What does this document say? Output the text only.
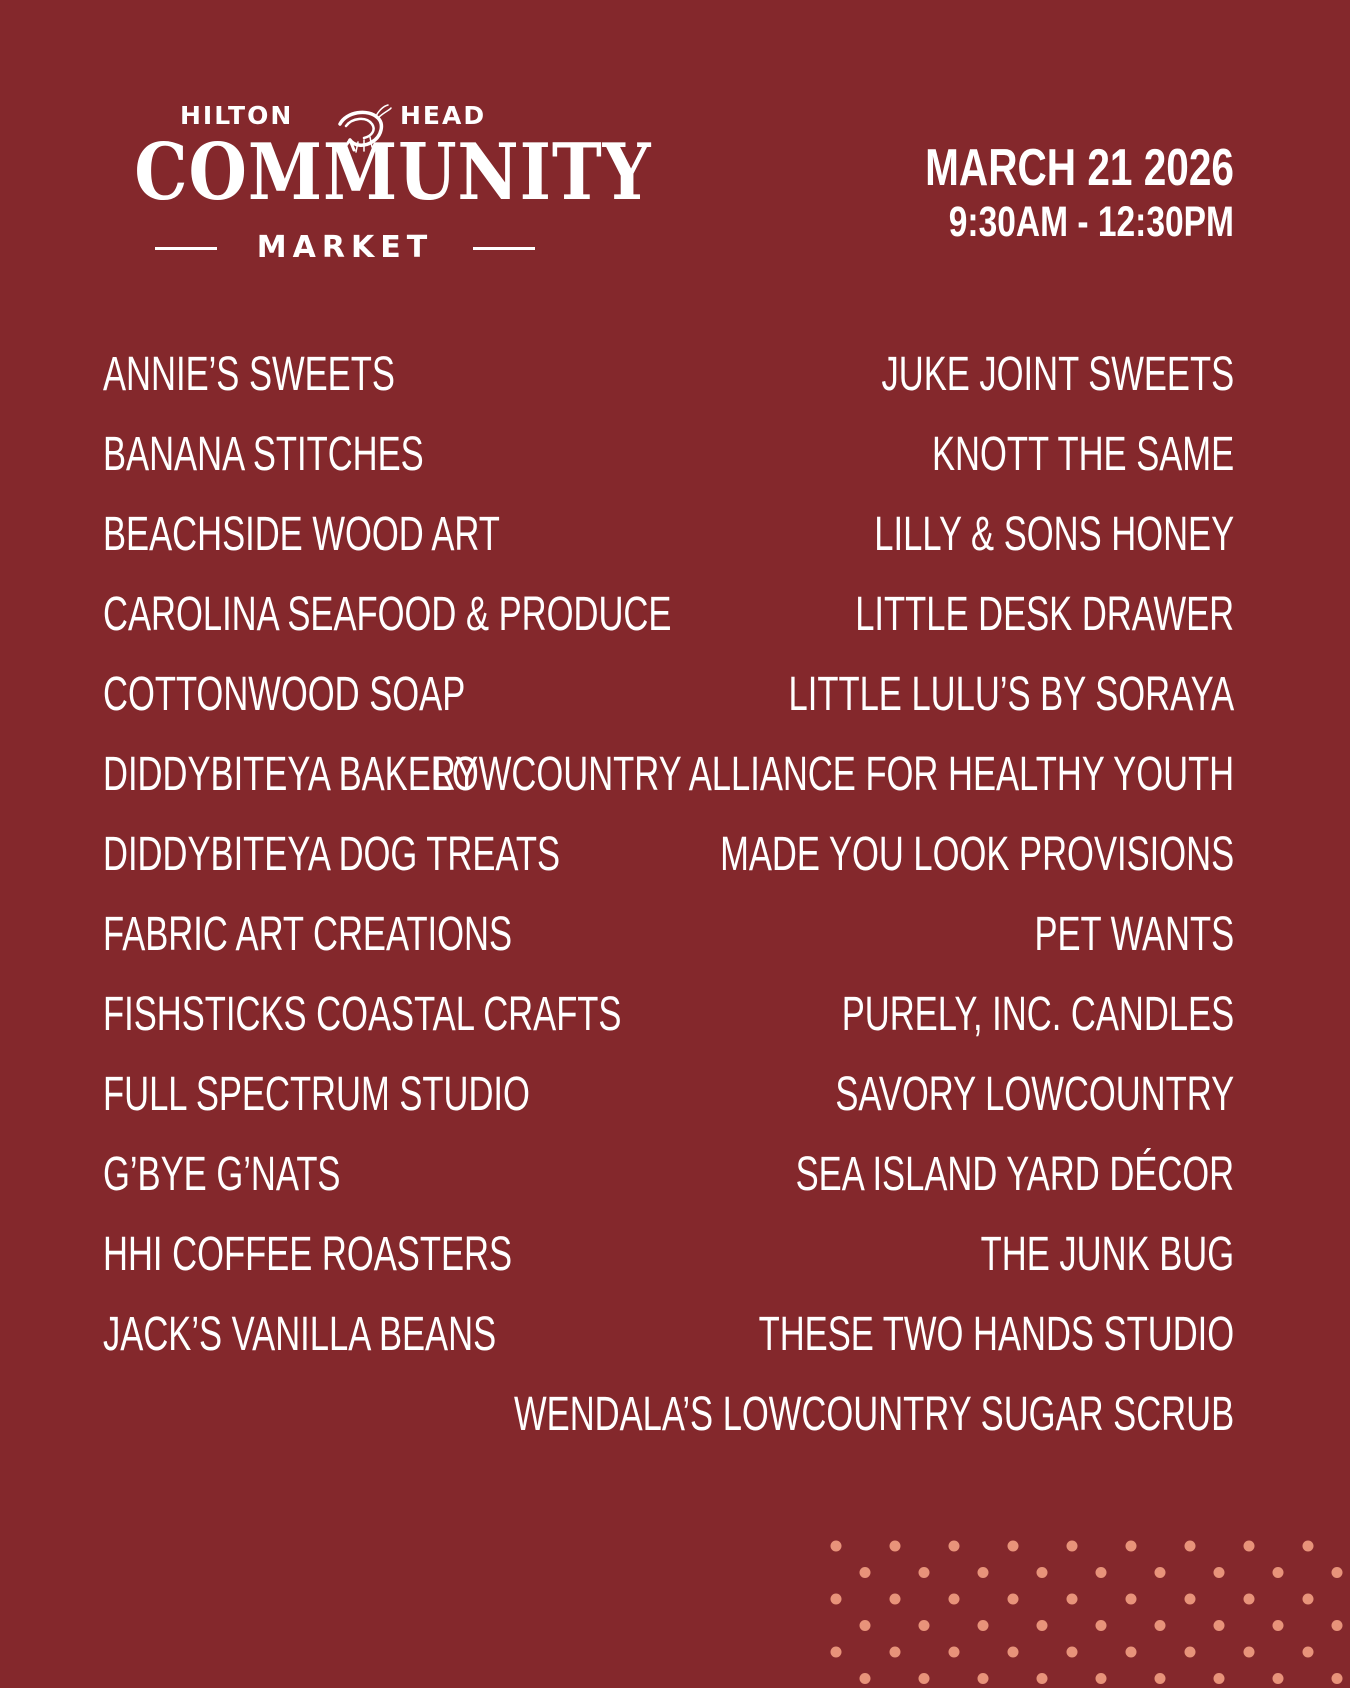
HILTON	HEAD
COMMUNITY
MARKET
MARCH 21 2026
9:30AM - 12:30PM
ANNIE’S SWEETS
BANANA STITCHES
BEACHSIDE WOOD ART
CAROLINA SEAFOOD & PRODUCE
COTTONWOOD SOAP
DIDDYBITEYA BAKERY
DIDDYBITEYA DOG TREATS
FABRIC ART CREATIONS
FISHSTICKS COASTAL CRAFTS
FULL SPECTRUM STUDIO
G’BYE G’NATS
HHI COFFEE ROASTERS
JACK’S VANILLA BEANS
JUKE JOINT SWEETS
KNOTT THE SAME
LILLY & SONS HONEY
LITTLE DESK DRAWER
LITTLE LULU’S BY SORAYA
LOWCOUNTRY ALLIANCE FOR HEALTHY YOUTH
MADE YOU LOOK PROVISIONS
PET WANTS
PURELY, INC. CANDLES
SAVORY LOWCOUNTRY
SEA ISLAND YARD DÉCOR
THE JUNK BUG
THESE TWO HANDS STUDIO
WENDALA’S LOWCOUNTRY SUGAR SCRUB
